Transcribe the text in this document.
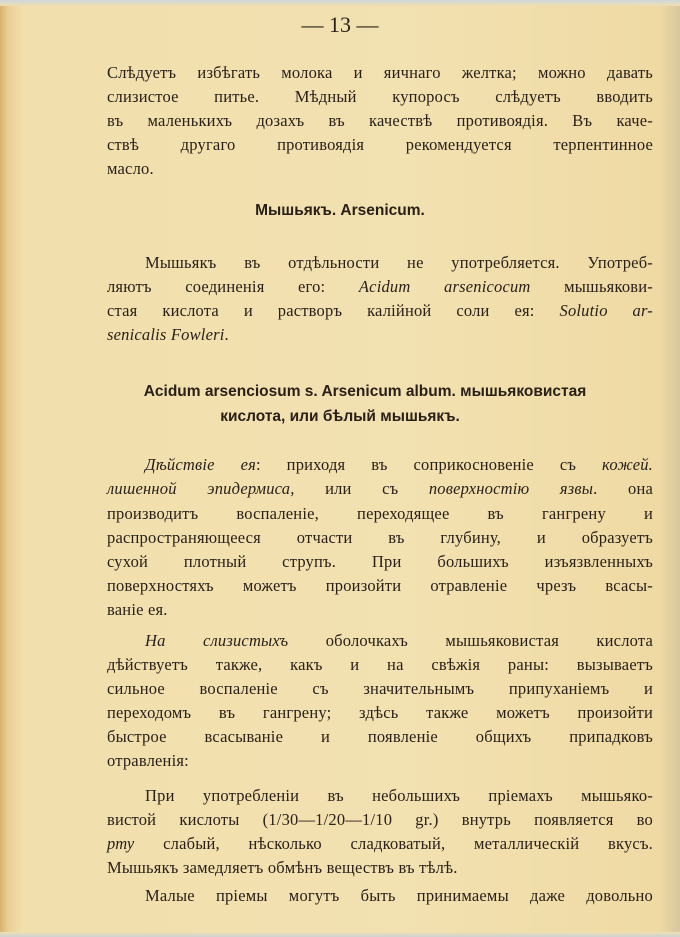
— 13 —
Мышьякъ. Arsenicum.
Acidum arsenciosum s. Arsenicum album. мышьяковистая
кислота, или бѣлый мышьякъ.
Слѣдуетъ избѣгать молока и яичнаго желтка; можно давать
слизистое питье. Мѣдный купоросъ слѣдуетъ вводить
въ маленькихъ дозахъ въ качествѣ противоядія. Въ каче-
ствѣ другаго противоядія рекомендуется терпентинное
масло.
Мышьякъ въ отдѣльности не употребляется. Употреб-
ляютъ соединенія его: Acidum arsenicocum мышьякови-
стая кислота и растворъ калійной соли ея: Solutio ar-
senicalis Fowleri.
Дѣйствіе ея: приходя въ соприкосновеніе съ кожей.
лишенной эпидермиса, или съ поверхностію язвы. она
производитъ воспаленіе, переходящее въ гангрену и
распространяющееся отчасти въ глубину, и образуетъ
сухой плотный струпъ. При большихъ изъязвленныхъ
поверхностяхъ можетъ произойти отравленіе чрезъ всасы-
ваніе ея.
На слизистыхъ оболочкахъ мышьяковистая кислота
дѣйствуетъ также, какъ и на свѣжія раны: вызываетъ
сильное воспаленіе съ значительнымъ припуханіемъ и
переходомъ въ гангрену; здѣсь также можетъ произойти
быстрое всасываніе и появленіе общихъ припадковъ
отравленія:
При употребленіи въ небольшихъ пріемахъ мышьяко-
вистой кислоты (1/30—1/20—1/10 gr.) внутрь появляется во
рту слабый, нѣсколько сладковатый, металлическій вкусъ.
Мышьякъ замедляетъ обмѣнъ веществъ въ тѣлѣ.
Малые пріемы могутъ быть принимаемы даже довольно
